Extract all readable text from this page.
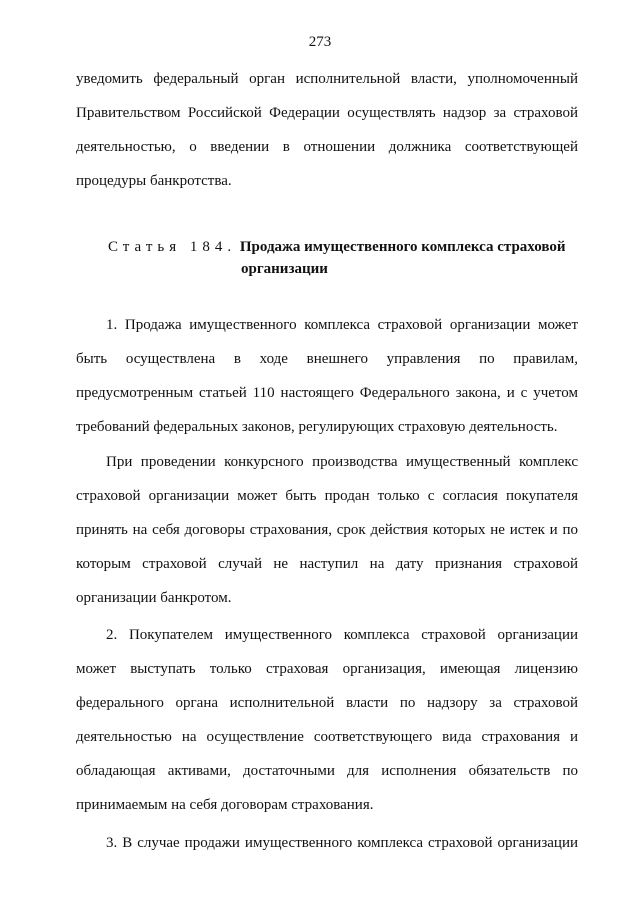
273

уведомить федеральный орган исполнительной власти, уполномоченный
Правительством Российской Федерации осуществлять надзор за страховой
деятельностью, о введении в отношении должника соответствующей
процедуры банкротства.

Статья 184. Продажа имущественного комплекса страховой
организации

1. Продажа имущественного комплекса страховой организации может
быть осуществлена в ходе внешнего управления по правилам,
предусмотренным статьей 110 настоящего Федерального закона, и с учетом
требований федеральных законов, регулирующих страховую деятельность.

При проведении конкурсного производства имущественный комплекс
страховой организации может быть продан только с согласия покупателя
принять на себя договоры страхования, срок действия которых не истек и по
которым страховой случай не наступил на дату признания страховой
организации банкротом.

2. Покупателем имущественного комплекса страховой организации
может выступать только страховая организация, имеющая лицензию
федерального органа исполнительной власти по надзору за страховой
деятельностью на осуществление соответствующего вида страхования и
обладающая активами, достаточными для исполнения обязательств по
принимаемым на себя договорам страхования.

3. В случае продажи имущественного комплекса страховой организации
